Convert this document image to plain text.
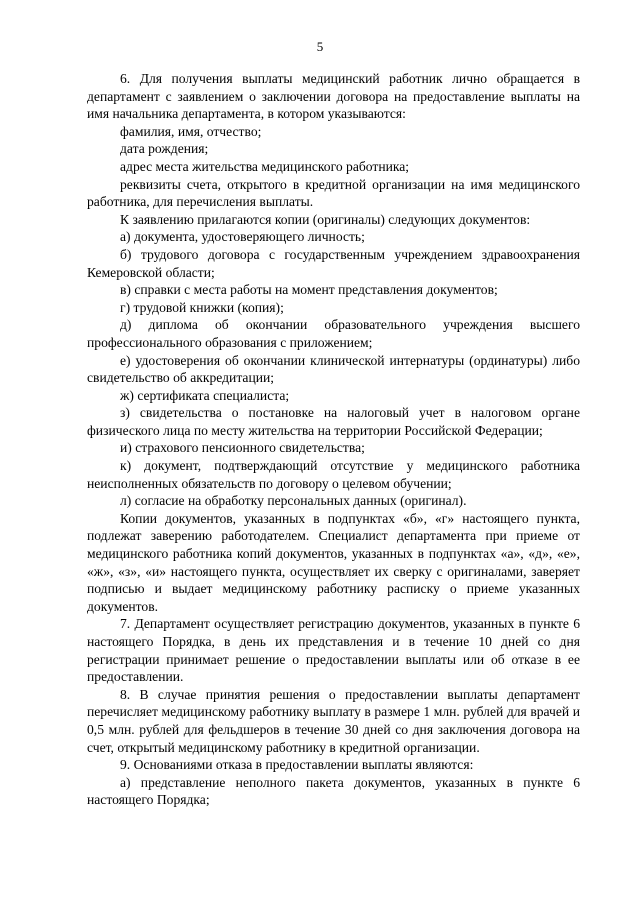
5

6. Для получения выплаты медицинский работник лично обращается в департамент с заявлением о заключении договора на предоставление выплаты на имя начальника департамента, в котором указываются:

фамилия, имя, отчество;

дата рождения;

адрес места жительства медицинского работника;

реквизиты счета, открытого в кредитной организации на имя медицинского работника, для перечисления выплаты.

К заявлению прилагаются копии (оригиналы) следующих документов:

а) документа, удостоверяющего личность;

б) трудового договора с государственным учреждением здравоохранения Кемеровской области;

в) справки с места работы на момент представления документов;

г) трудовой книжки (копия);

д) диплома об окончании образовательного учреждения высшего профессионального образования с приложением;

е) удостоверения об окончании клинической интернатуры (ординатуры) либо свидетельство об аккредитации;

ж) сертификата специалиста;

з) свидетельства о постановке на налоговый учет в налоговом органе физического лица по месту жительства на территории Российской Федерации;

и) страхового пенсионного свидетельства;

к) документ, подтверждающий отсутствие у медицинского работника неисполненных обязательств по договору о целевом обучении;

л) согласие на обработку персональных данных (оригинал).

Копии документов, указанных в подпунктах «б», «г» настоящего пункта, подлежат заверению работодателем. Специалист департамента при приеме от медицинского работника копий документов, указанных в подпунктах «а», «д», «е», «ж», «з», «и» настоящего пункта, осуществляет их сверку с оригиналами, заверяет подписью и выдает медицинскому работнику расписку о приеме указанных документов.

7. Департамент осуществляет регистрацию документов, указанных в пункте 6 настоящего Порядка, в день их представления и в течение 10 дней со дня регистрации принимает решение о предоставлении выплаты или об отказе в ее предоставлении.

8. В случае принятия решения о предоставлении выплаты департамент перечисляет медицинскому работнику выплату в размере 1 млн. рублей для врачей и 0,5 млн. рублей для фельдшеров в течение 30 дней со дня заключения договора на счет, открытый медицинскому работнику в кредитной организации.

9. Основаниями отказа в предоставлении выплаты являются:

а) представление неполного пакета документов, указанных в пункте 6 настоящего Порядка;
